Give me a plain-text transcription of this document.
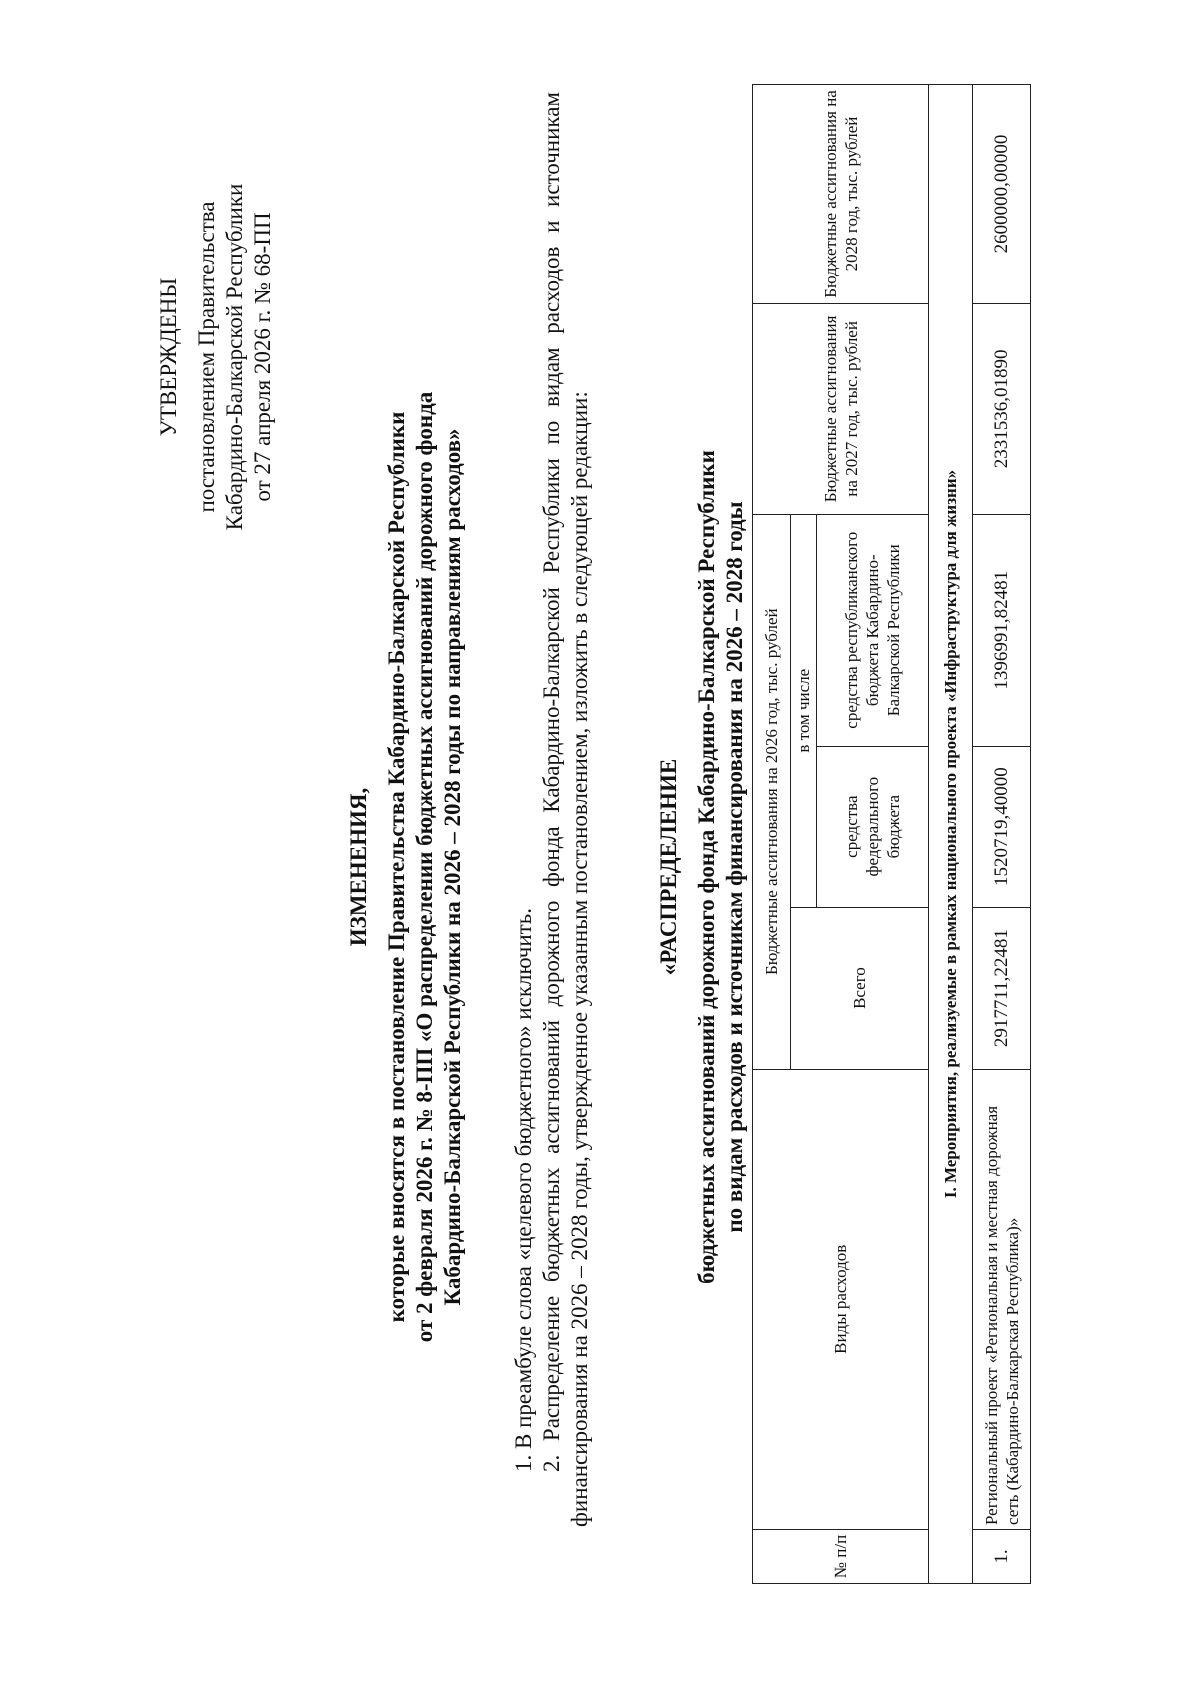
УТВЕРЖДЕНЫ постановлением Правительства Кабардино-Балкарской Республики от 27 апреля 2026 г. № 68-ПП
ИЗМЕНЕНИЯ, которые вносятся в постановление Правительства Кабардино-Балкарской Республики от 2 февраля 2026 г. № 8-ПП «О распределении бюджетных ассигнований дорожного фонда Кабардино-Балкарской Республики на 2026 – 2028 годы по направлениям расходов» 1. В преамбуле слова «целевого бюджетного» исключить. 2. Распределение бюджетных ассигнований дорожного фонда Кабардино-Балкарской Республики по видам расходов и источникам финансирования на 2026 – 2028 годы, утвержденное указанным постановлением, изложить в следующей редакции:	«РАСПРЕДЕЛЕНИЕ бюджетных ассигнований дорожного фонда Кабардино-Балкарской Республики по видам расходов и источникам финансирования на 2026 – 2028 годы
№ п/п	Виды расходов	Бюджетные ассигнования на 2026 год, тыс. рублей			Бюджетные ассигнования на 2027 год, тыс. рублей	Бюджетные ассигнования на 2028 год, тыс. рублей
		Всего	в том числе			
			средства федерального бюджета	средства республиканского бюджета Кабардино-Балкарской Республики		
I. Мероприятия, реализуемые в рамках национального проекта «Инфраструктура для жизни»						
1.	Региональный проект «Региональная и местная дорожная сеть (Кабардино-Балкарская Республика)»	2917711,22481	1520719,40000	1396991,82481	2331536,01890	2600000,00000
